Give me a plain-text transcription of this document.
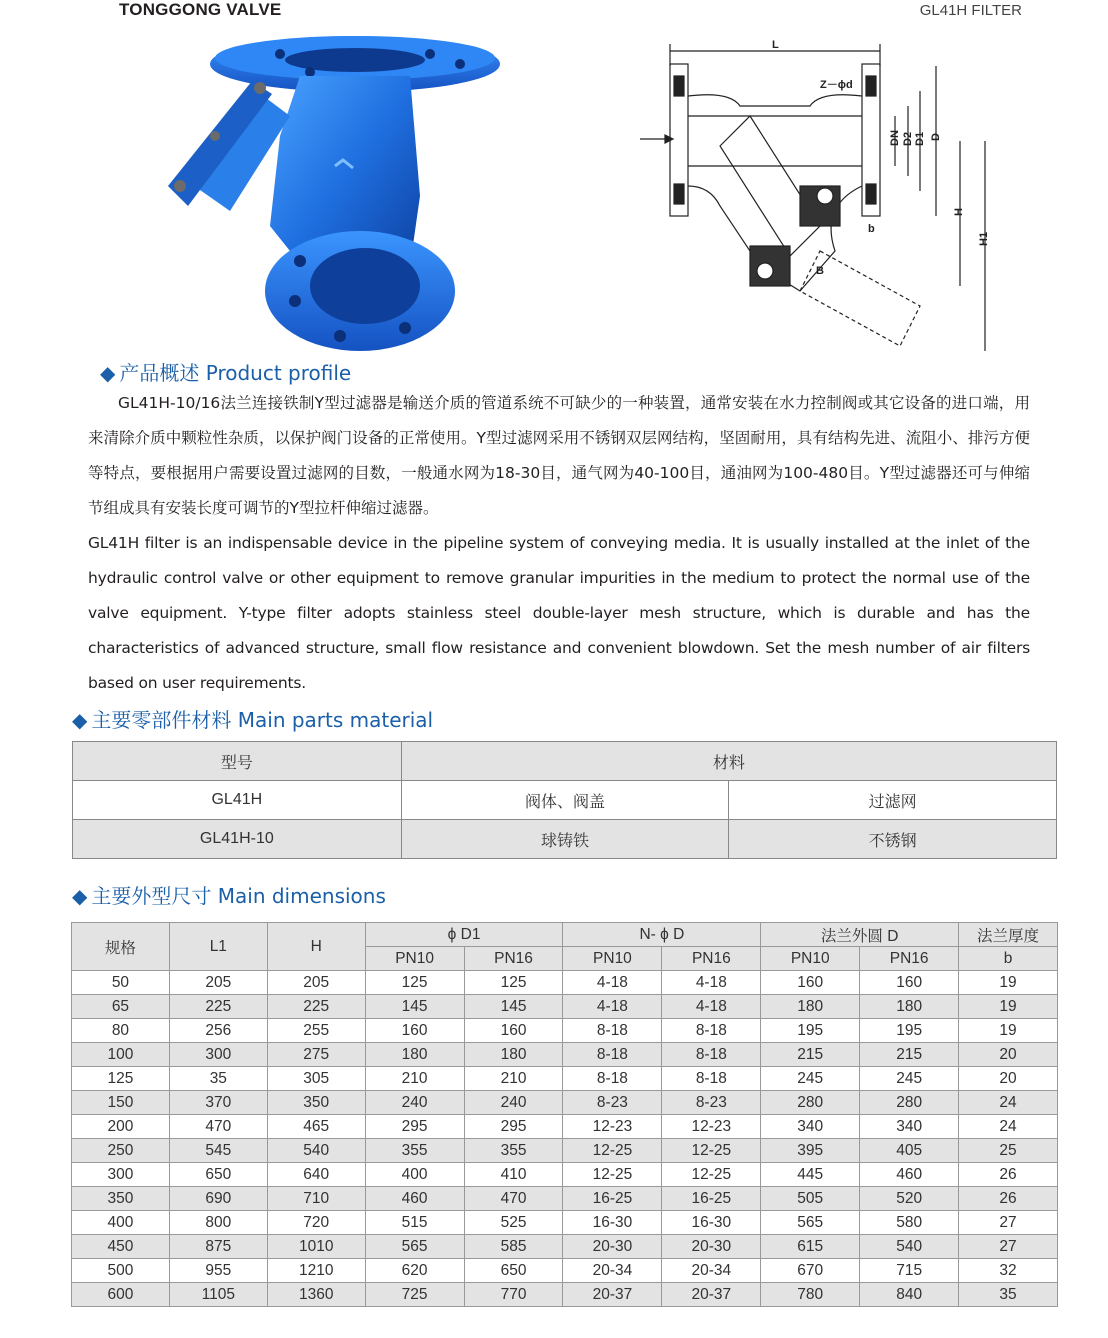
TONGGONG VALVE	GL41H FILTER
L
Z－ϕd
DN D2 D1 D
H
H1
b
B
◆ 产品概述 Product profile

GL41H-10/16法兰连接铁制Y型过滤器是输送介质的管道系统不可缺少的一种装置，通常安装在水力控制阀或其它设备的进口端，用来清除介质中颗粒性杂质，以保护阀门设备的正常使用。Y型过滤网采用不锈钢双层网结构，坚固耐用，具有结构先进、流阻小、排污方便等特点，要根据用户需要设置过滤网的目数，一般通水网为18-30目，通气网为40-100目，通油网为100-480目。Y型过滤器还可与伸缩节组成具有安装长度可调节的Y型拉杆伸缩过滤器。

GL41H filter is an indispensable device in the pipeline system of conveying media. It is usually installed at the inlet of the hydraulic control valve or other equipment to remove granular impurities in the medium to protect the normal use of the valve equipment. Y-type filter adopts stainless steel double-layer mesh structure, which is durable and has the characteristics of advanced structure, small flow resistance and convenient blowdown. Set the mesh number of air filters based on user requirements.

◆ 主要零部件材料 Main parts material
型号	材料	
GL41H	阀体、阀盖	过滤网
GL41H-10	球铸铁	不锈钢
◆ 主要外型尺寸 Main dimensions
规格	L1	H	ϕ D1		N- ϕ D		法兰外圆 D		法兰厚度
			PN10	PN16	PN10	PN16	PN10	PN16	b
50	205	205	125	125	4-18	4-18	160	160	19
65	225	225	145	145	4-18	4-18	180	180	19
80	256	255	160	160	8-18	8-18	195	195	19
100	300	275	180	180	8-18	8-18	215	215	20
125	35	305	210	210	8-18	8-18	245	245	20
150	370	350	240	240	8-23	8-23	280	280	24
200	470	465	295	295	12-23	12-23	340	340	24
250	545	540	355	355	12-25	12-25	395	405	25
300	650	640	400	410	12-25	12-25	445	460	26
350	690	710	460	470	16-25	16-25	505	520	26
400	800	720	515	525	16-30	16-30	565	580	27
450	875	1010	565	585	20-30	20-30	615	540	27
500	955	1210	620	650	20-34	20-34	670	715	32
600	1105	1360	725	770	20-37	20-37	780	840	35
